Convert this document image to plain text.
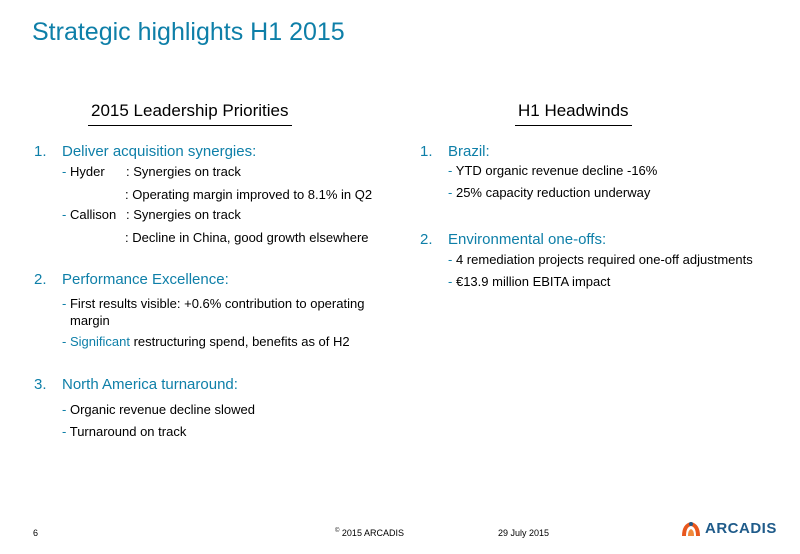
Strategic highlights H1 2015
2015 Leadership Priorities
1. Deliver acquisition synergies:
- Hyder : Synergies on track
: Operating margin improved to 8.1% in Q2
- Callison : Synergies on track
: Decline in China, good growth elsewhere
2. Performance Excellence:
- First results visible: +0.6% contribution to operating
margin
- Significant restructuring spend, benefits as of H2
3. North America turnaround:
- Organic revenue decline slowed
- Turnaround on track
H1 Headwinds
1. Brazil:
- YTD organic revenue decline -16%
- 25% capacity reduction underway
2. Environmental one-offs:
- 4 remediation projects required one-off adjustments
- €13.9 million EBITA impact
6	© 2015 ARCADIS	29 July 2015	ARCADIS
